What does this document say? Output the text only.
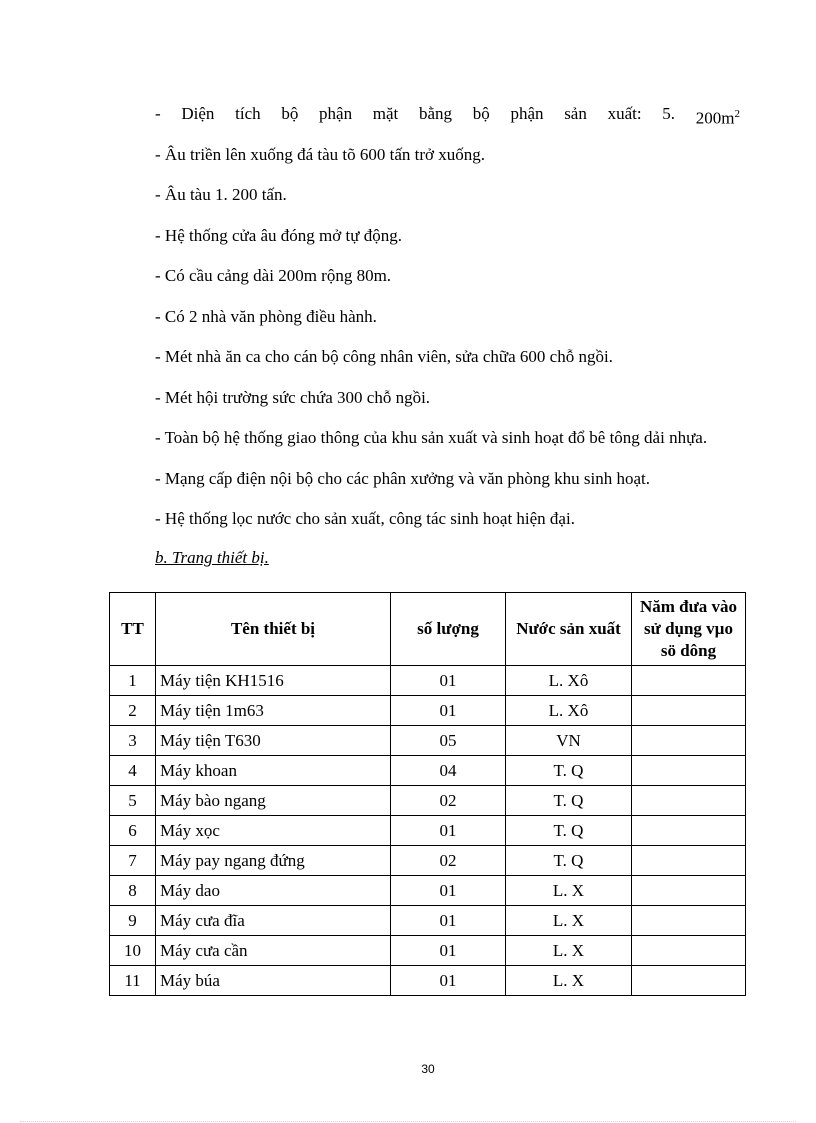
- Diện tích bộ phận mặt bằng bộ phận sản xuất: 5. $200m^2$
- Âu triền lên xuống đá tàu tõ 600 tấn trở xuống.
- Âu tàu 1. 200 tấn.
- Hệ thống cửa âu đóng mở tự động.
- Có cầu cảng dài 200m rộng 80m.
- Có 2 nhà văn phòng điều hành.
- Mét nhà ăn ca cho cán bộ công nhân viên, sửa chữa 600 chỗ ngồi.
- Mét hội trường sức chứa 300 chỗ ngồi.
- Toàn bộ hệ thống giao thông của khu sản xuất và sinh hoạt đổ bê tông dải nhựa.
- Mạng cấp điện nội bộ cho các phân xưởng và văn phòng khu sinh hoạt.
- Hệ thống lọc nước cho sản xuất, công tác sinh hoạt hiện đại.
b. Trang thiết bị.
TT	Tên thiết bị	số lượng	Nước sản xuất	Năm đưa vào sử dụng vµo sö dông
1	Máy tiện KH1516	01	L. Xô	
2	Máy tiện 1m63	01	L. Xô	
3	Máy tiện T630	05	VN	
4	Máy khoan	04	T. Q	
5	Máy bào ngang	02	T. Q	
6	Máy xọc	01	T. Q	
7	Máy pay ngang đứng	02	T. Q	
8	Máy dao	01	L. X	
9	Máy cưa đĩa	01	L. X	
10	Máy cưa cần	01	L. X	
11	Máy búa	01	L. X	
30
